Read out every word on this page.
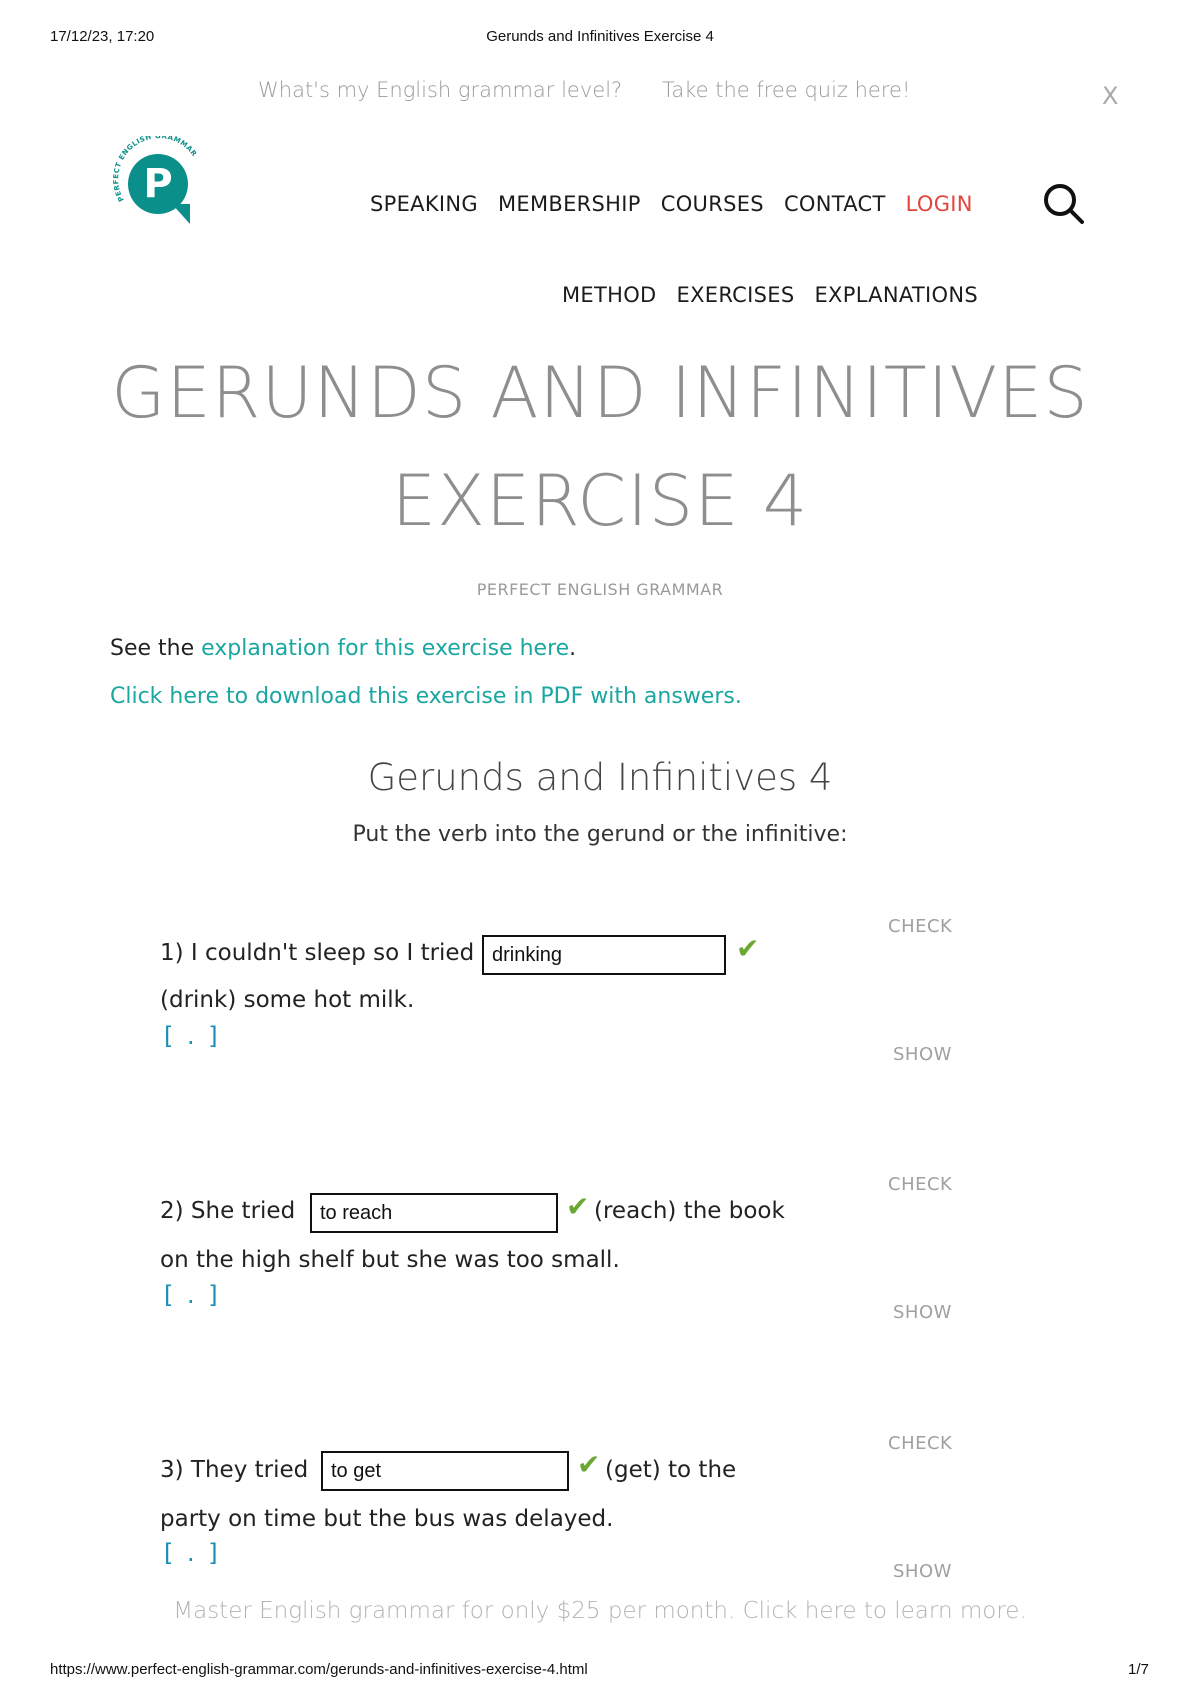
17/12/23, 17:20	Gerunds and Infinitives Exercise 4
What's my English grammar level? Take the free quiz here!	X
PERFECT ENGLISH GRAMMAR
P	SPEAKING MEMBERSHIP COURSES CONTACT LOGIN
METHOD EXERCISES EXPLANATIONS
GERUNDS AND INFINITIVES
EXERCISE 4
PERFECT ENGLISH GRAMMAR
See the explanation for this exercise here.
Click here to download this exercise in PDF with answers.
Gerunds and Infinitives 4
Put the verb into the gerund or the infinitive:
CHECK
1) I couldn't sleep so I tried
drinking	✔
(drink) some hot milk.
[ . ]
SHOW
CHECK
2) She tried
to reach	✔ (reach) the book
on the high shelf but she was too small.
[ . ]
SHOW
CHECK
3) They tried
to get	✔ (get) to the
party on time but the bus was delayed.
[ . ]
SHOW
Master English grammar for only $25 per month. Click here to learn more.
https://www.perfect-english-grammar.com/gerunds-and-infinitives-exercise-4.html	1/7
